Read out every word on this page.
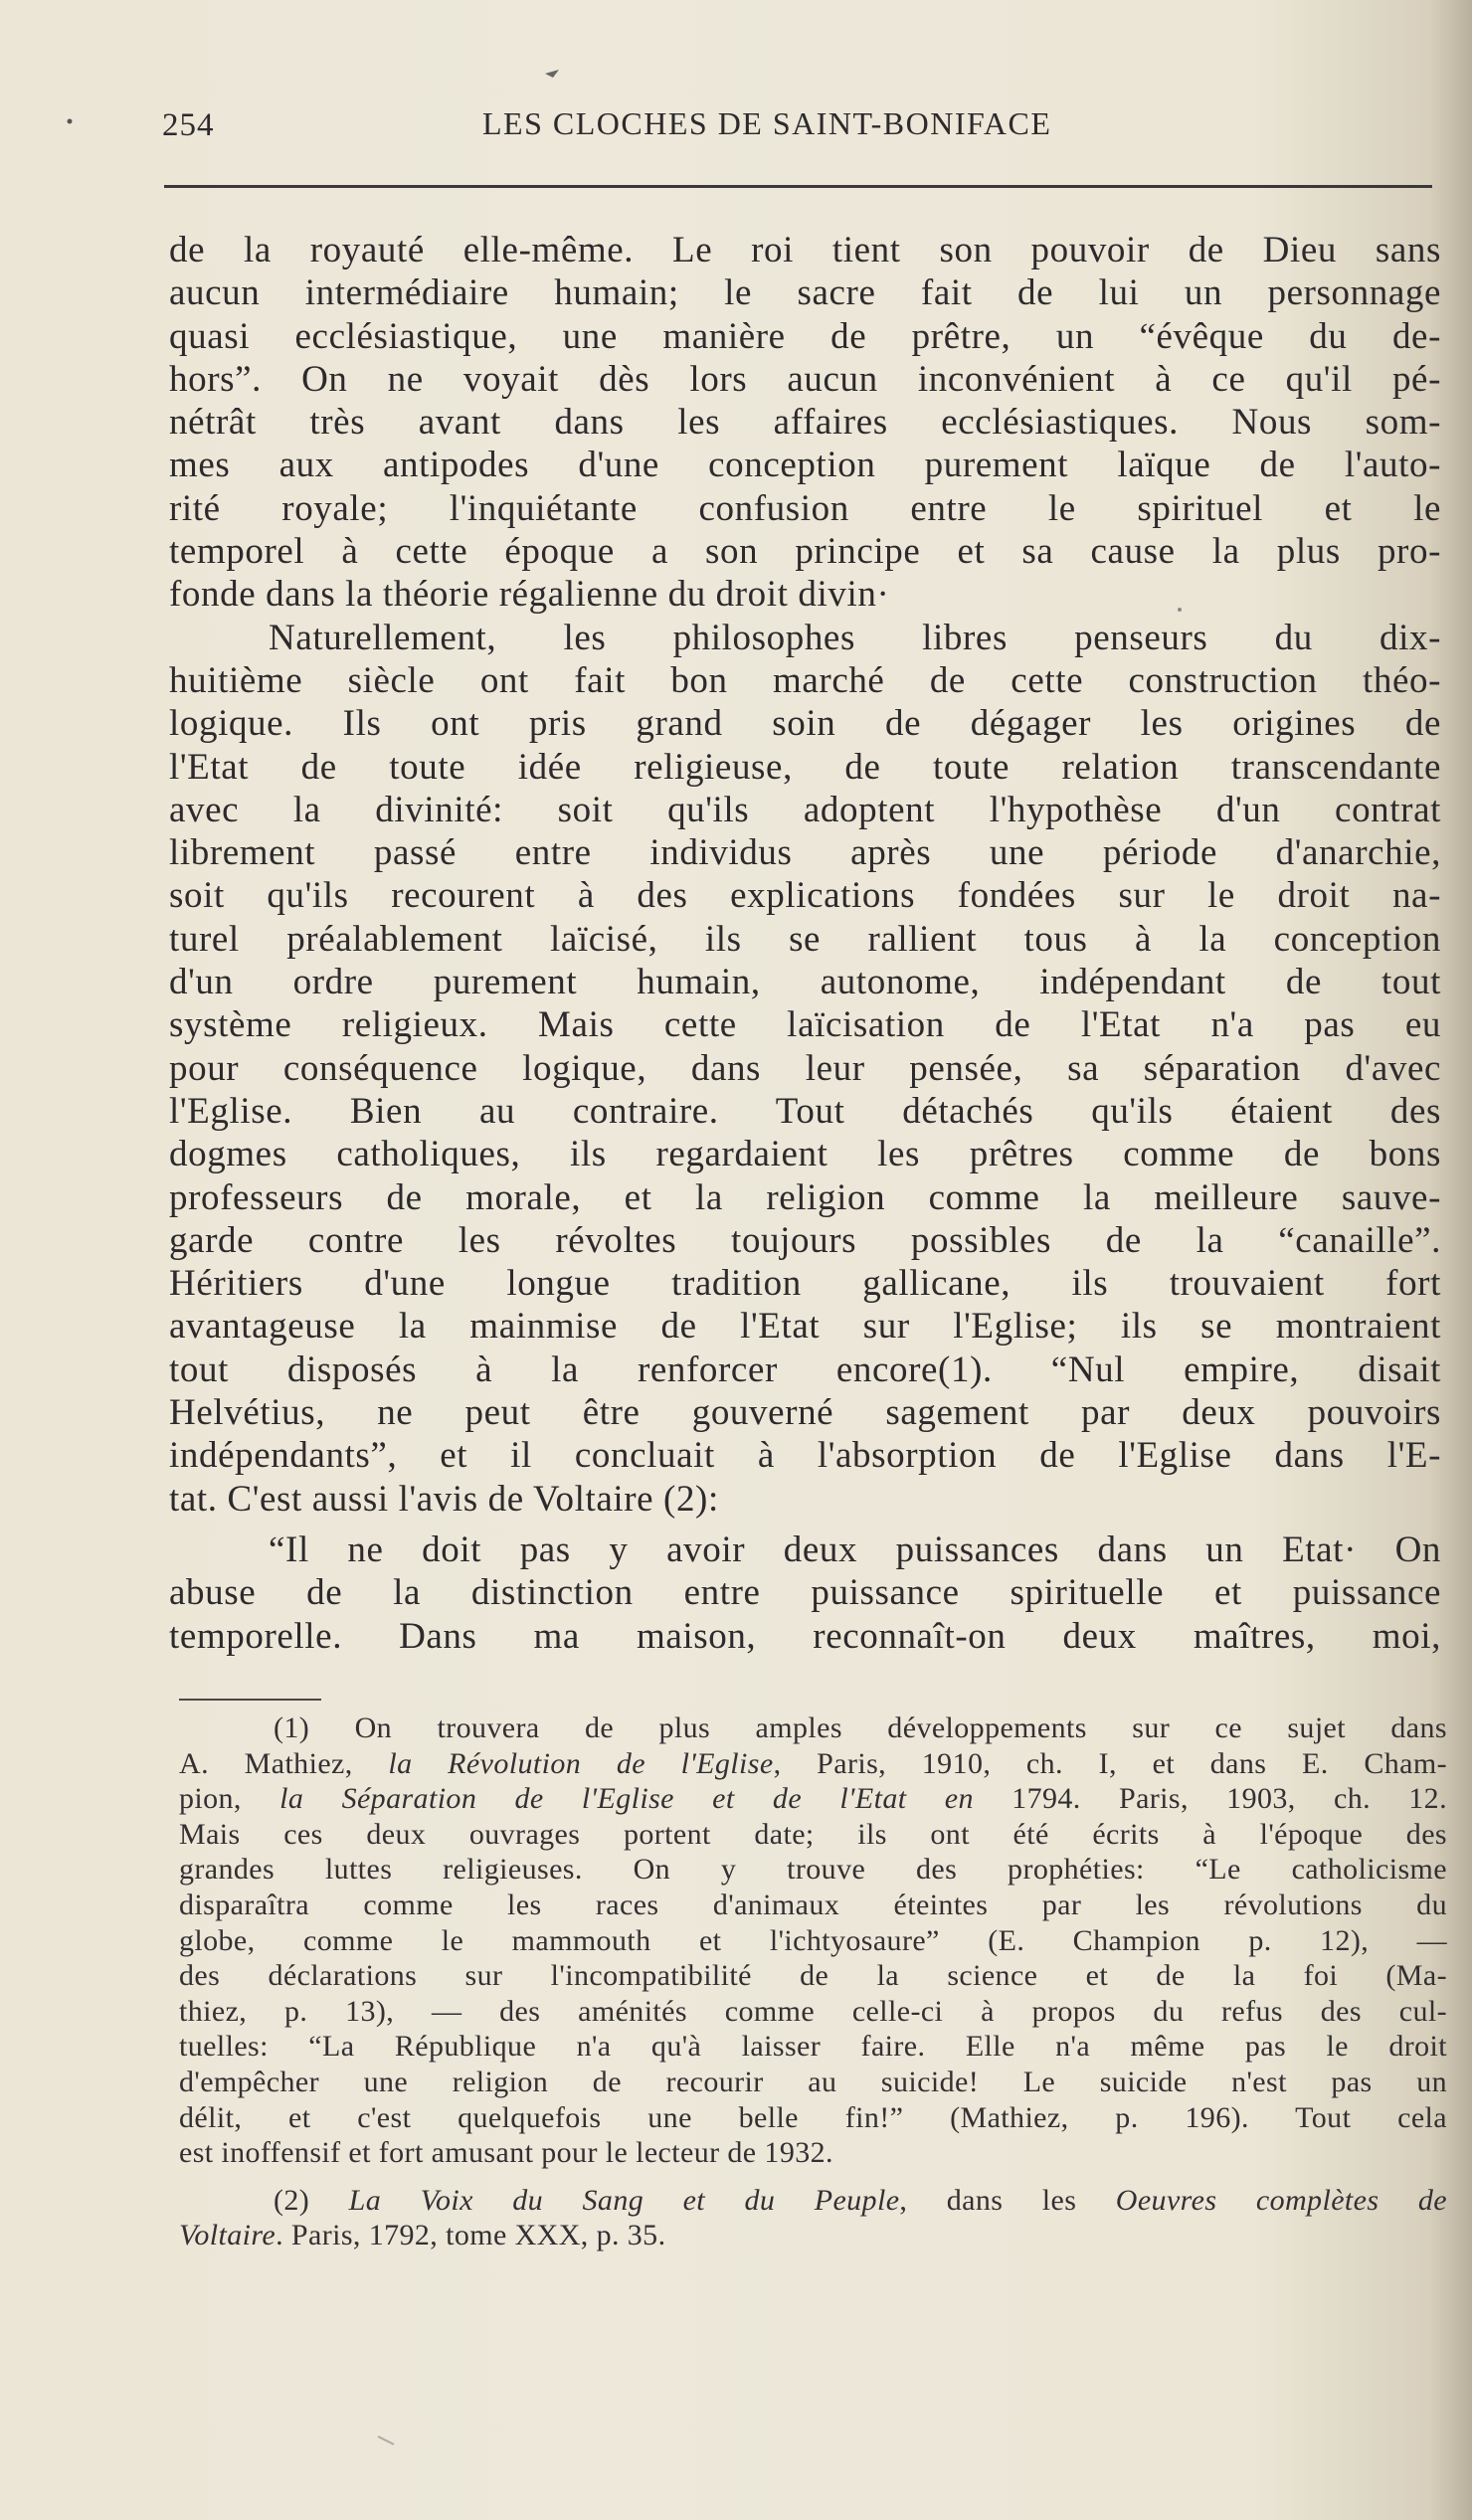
254	LES CLOCHES DE SAINT-BONIFACE
de la royauté elle-même. Le roi tient son pouvoir de Dieu sans
aucun intermédiaire humain; le sacre fait de lui un personnage
quasi ecclésiastique, une manière de prêtre, un “évêque du de-
hors”. On ne voyait dès lors aucun inconvénient à ce qu'il pé-
nétrât très avant dans les affaires ecclésiastiques. Nous som-
mes aux antipodes d'une conception purement laïque de l'auto-
rité royale; l'inquiétante confusion entre le spirituel et le
temporel à cette époque a son principe et sa cause la plus pro-
fonde dans la théorie régalienne du droit divin·
Naturellement, les philosophes libres penseurs du dix-
huitième siècle ont fait bon marché de cette construction théo-
logique. Ils ont pris grand soin de dégager les origines de
l'Etat de toute idée religieuse, de toute relation transcendante
avec la divinité: soit qu'ils adoptent l'hypothèse d'un contrat
librement passé entre individus après une période d'anarchie,
soit qu'ils recourent à des explications fondées sur le droit na-
turel préalablement laïcisé, ils se rallient tous à la conception
d'un ordre purement humain, autonome, indépendant de tout
système religieux. Mais cette laïcisation de l'Etat n'a pas eu
pour conséquence logique, dans leur pensée, sa séparation d'avec
l'Eglise. Bien au contraire. Tout détachés qu'ils étaient des
dogmes catholiques, ils regardaient les prêtres comme de bons
professeurs de morale, et la religion comme la meilleure sauve-
garde contre les révoltes toujours possibles de la “canaille”.
Héritiers d'une longue tradition gallicane, ils trouvaient fort
avantageuse la mainmise de l'Etat sur l'Eglise; ils se montraient
tout disposés à la renforcer encore(1). “Nul empire, disait
Helvétius, ne peut être gouverné sagement par deux pouvoirs
indépendants”, et il concluait à l'absorption de l'Eglise dans l'E-
tat. C'est aussi l'avis de Voltaire (2):
“Il ne doit pas y avoir deux puissances dans un Etat· On
abuse de la distinction entre puissance spirituelle et puissance
temporelle. Dans ma maison, reconnaît-on deux maîtres, moi,
(1) On trouvera de plus amples développements sur ce sujet dans
A. Mathiez, la Révolution de l'Eglise, Paris, 1910, ch. I, et dans E. Cham-
pion, la Séparation de l'Eglise et de l'Etat en 1794. Paris, 1903, ch. 12.
Mais ces deux ouvrages portent date; ils ont été écrits à l'époque des
grandes luttes religieuses. On y trouve des prophéties: “Le catholicisme
disparaîtra comme les races d'animaux éteintes par les révolutions du
globe, comme le mammouth et l'ichtyosaure” (E. Champion p. 12), —
des déclarations sur l'incompatibilité de la science et de la foi (Ma-
thiez, p. 13), — des aménités comme celle-ci à propos du refus des cul-
tuelles: “La République n'a qu'à laisser faire. Elle n'a même pas le droit
d'empêcher une religion de recourir au suicide! Le suicide n'est pas un
délit, et c'est quelquefois une belle fin!” (Mathiez, p. 196). Tout cela
est inoffensif et fort amusant pour le lecteur de 1932.
(2) La Voix du Sang et du Peuple, dans les Oeuvres complètes de
Voltaire. Paris, 1792, tome XXX, p. 35.
